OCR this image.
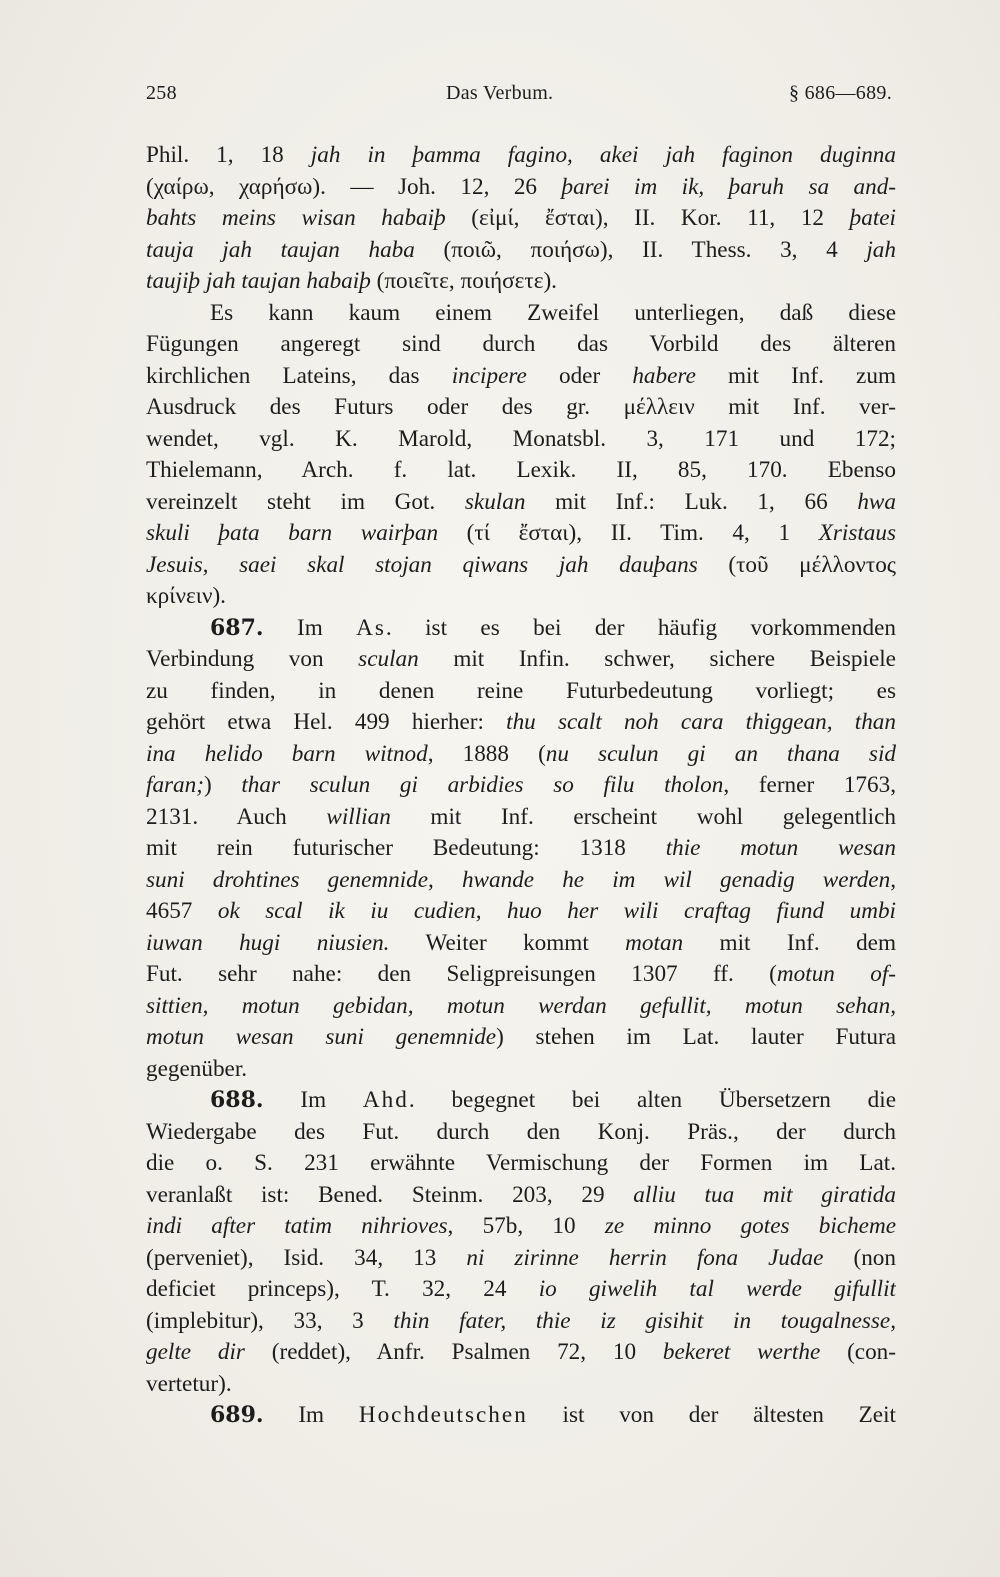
258	Das Verbum.	§ 686—689.
Phil. 1, 18 jah in þamma fagino, akei jah faginon duginna
(χαίρω, χαρήσω). — Joh. 12, 26 þarei im ik, þaruh sa and-
bahts meins wisan habaiþ (εἰμί, ἔσται), II. Kor. 11, 12 þatei
tauja jah taujan haba (ποιῶ, ποιήσω), II. Thess. 3, 4 jah
taujiþ jah taujan habaiþ (ποιεῖτε, ποιήσετε).
Es kann kaum einem Zweifel unterliegen, daß diese
Fügungen angeregt sind durch das Vorbild des älteren
kirchlichen Lateins, das incipere oder habere mit Inf. zum
Ausdruck des Futurs oder des gr. μέλλειν mit Inf. ver-
wendet, vgl. K. Marold, Monatsbl. 3, 171 und 172;
Thielemann, Arch. f. lat. Lexik. II, 85, 170. Ebenso
vereinzelt steht im Got. skulan mit Inf.: Luk. 1, 66 hwa
skuli þata barn wairþan (τί ἔσται), II. Tim. 4, 1 Xristaus
Jesuis, saei skal stojan qiwans jah dauþans (τοῦ μέλλοντος
κρίνειν).
687. Im As. ist es bei der häufig vorkommenden
Verbindung von sculan mit Infin. schwer, sichere Beispiele
zu finden, in denen reine Futurbedeutung vorliegt; es
gehört etwa Hel. 499 hierher: thu scalt noh cara thiggean, than
ina helido barn witnod, 1888 (nu sculun gi an thana sid
faran;) thar sculun gi arbidies so filu tholon, ferner 1763,
2131. Auch willian mit Inf. erscheint wohl gelegentlich
mit rein futurischer Bedeutung: 1318 thie motun wesan
suni drohtines genemnide, hwande he im wil genadig werden,
4657 ok scal ik iu cudien, huo her wili craftag fiund umbi
iuwan hugi niusien. Weiter kommt motan mit Inf. dem
Fut. sehr nahe: den Seligpreisungen 1307 ff. (motun of-
sittien, motun gebidan, motun werdan gefullit, motun sehan,
motun wesan suni genemnide) stehen im Lat. lauter Futura
gegenüber.
688. Im Ahd. begegnet bei alten Übersetzern die
Wiedergabe des Fut. durch den Konj. Präs., der durch
die o. S. 231 erwähnte Vermischung der Formen im Lat.
veranlaßt ist: Bened. Steinm. 203, 29 alliu tua mit giratida
indi after tatim nihrioves, 57b, 10 ze minno gotes bicheme
(perveniet), Isid. 34, 13 ni zirinne herrin fona Judae (non
deficiet princeps), T. 32, 24 io giwelih tal werde gifullit
(implebitur), 33, 3 thin fater, thie iz gisihit in tougalnesse,
gelte dir (reddet), Anfr. Psalmen 72, 10 bekeret werthe (con-
vertetur).
689. Im Hochdeutschen ist von der ältesten Zeit
